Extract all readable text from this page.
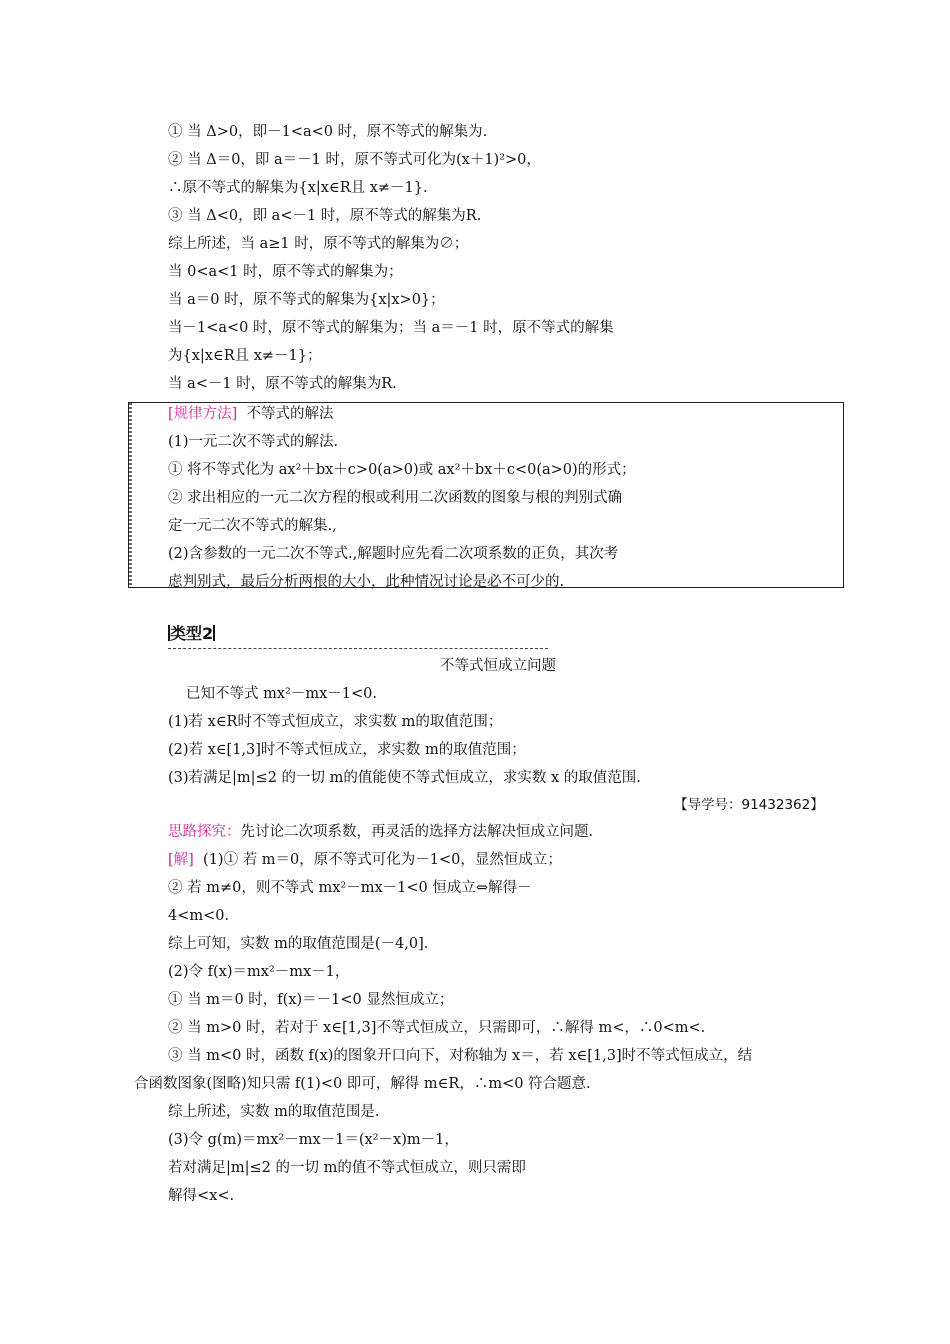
① 当 Δ>0，即－1<a<0 时，原不等式的解集为.
② 当 Δ＝0，即 a＝－1 时，原不等式可化为(x＋1)²>0，
∴原不等式的解集为{x|x∈R且 x≠－1}.
③ 当 Δ<0，即 a<－1 时，原不等式的解集为R.
综上所述，当 a≥1 时，原不等式的解集为∅；
当 0<a<1 时，原不等式的解集为；
当 a＝0 时，原不等式的解集为{x|x>0}；
当－1<a<0 时，原不等式的解集为；当 a＝－1 时，原不等式的解集
为{x|x∈R且 x≠－1}；
当 a<－1 时，原不等式的解集为R.
[规律方法] 不等式的解法
(1)一元二次不等式的解法.
① 将不等式化为 ax²＋bx＋c>0(a>0)或 ax²＋bx＋c<0(a>0)的形式；
② 求出相应的一元二次方程的根或利用二次函数的图象与根的判别式确
定一元二次不等式的解集.,
(2)含参数的一元二次不等式.,解题时应先看二次项系数的正负，其次考
虑判别式，最后分析两根的大小，此种情况讨论是必不可少的.
类型2
不等式恒成立问题
已知不等式 mx²－mx－1<0.
(1)若 x∈R时不等式恒成立，求实数 m的取值范围；
(2)若 x∈[1,3]时不等式恒成立，求实数 m的取值范围；
(3)若满足|m|≤2 的一切 m的值能使不等式恒成立，求实数 x 的取值范围.
【导学号：91432362】
思路探究：先讨论二次项系数，再灵活的选择方法解决恒成立问题.
[解] (1)① 若 m＝0，原不等式可化为－1<0，显然恒成立；
② 若 m≠0，则不等式 mx²－mx－1<0 恒成立⇔解得－
4<m<0.
综上可知，实数 m的取值范围是(－4,0].
(2)令 f(x)＝mx²－mx－1，
① 当 m＝0 时，f(x)＝－1<0 显然恒成立；
② 当 m>0 时，若对于 x∈[1,3]不等式恒成立，只需即可，∴解得 m<，∴0<m<.
③ 当 m<0 时，函数 f(x)的图象开口向下，对称轴为 x＝，若 x∈[1,3]时不等式恒成立，结
合函数图象(图略)知只需 f(1)<0 即可，解得 m∈R，∴m<0 符合题意.
综上所述，实数 m的取值范围是.
(3)令 g(m)＝mx²－mx－1＝(x²－x)m－1，
若对满足|m|≤2 的一切 m的值不等式恒成立，则只需即
解得<x<.
